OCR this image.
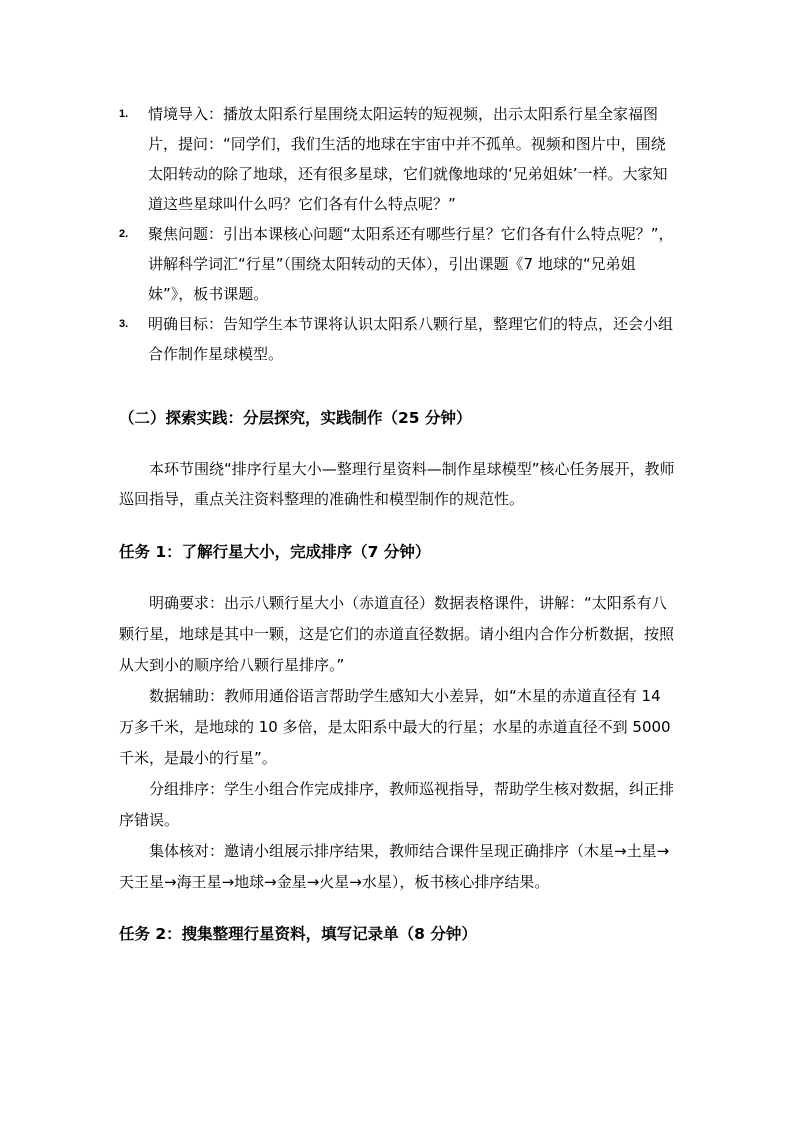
1. 情境导入：播放太阳系行星围绕太阳运转的短视频，出示太阳系行星全家福图片，提问：“同学们，我们生活的地球在宇宙中并不孤单。视频和图片中，围绕太阳转动的除了地球，还有很多星球，它们就像地球的‘兄弟姐妹’一样。大家知道这些星球叫什么吗？它们各有什么特点呢？”
2. 聚焦问题：引出本课核心问题“太阳系还有哪些行星？它们各有什么特点呢？”，讲解科学词汇“行星”（围绕太阳转动的天体），引出课题《7 地球的“兄弟姐妹”》，板书课题。
3. 明确目标：告知学生本节课将认识太阳系八颗行星，整理它们的特点，还会小组合作制作星球模型。
（二）探索实践：分层探究，实践制作（25 分钟）
本环节围绕“排序行星大小—整理行星资料—制作星球模型”核心任务展开，教师巡回指导，重点关注资料整理的准确性和模型制作的规范性。
任务 1：了解行星大小，完成排序（7 分钟）

明确要求：出示八颗行星大小（赤道直径）数据表格课件，讲解：“太阳系有八颗行星，地球是其中一颗，这是它们的赤道直径数据。请小组内合作分析数据，按照从大到小的顺序给八颗行星排序。”

数据辅助：教师用通俗语言帮助学生感知大小差异，如“木星的赤道直径有 14 万多千米，是地球的 10 多倍，是太阳系中最大的行星；水星的赤道直径不到 5000 千米，是最小的行星”。

分组排序：学生小组合作完成排序，教师巡视指导，帮助学生核对数据，纠正排序错误。

集体核对：邀请小组展示排序结果，教师结合课件呈现正确排序（木星→土星→天王星→海王星→地球→金星→火星→水星），板书核心排序结果。

任务 2：搜集整理行星资料，填写记录单（8 分钟）
